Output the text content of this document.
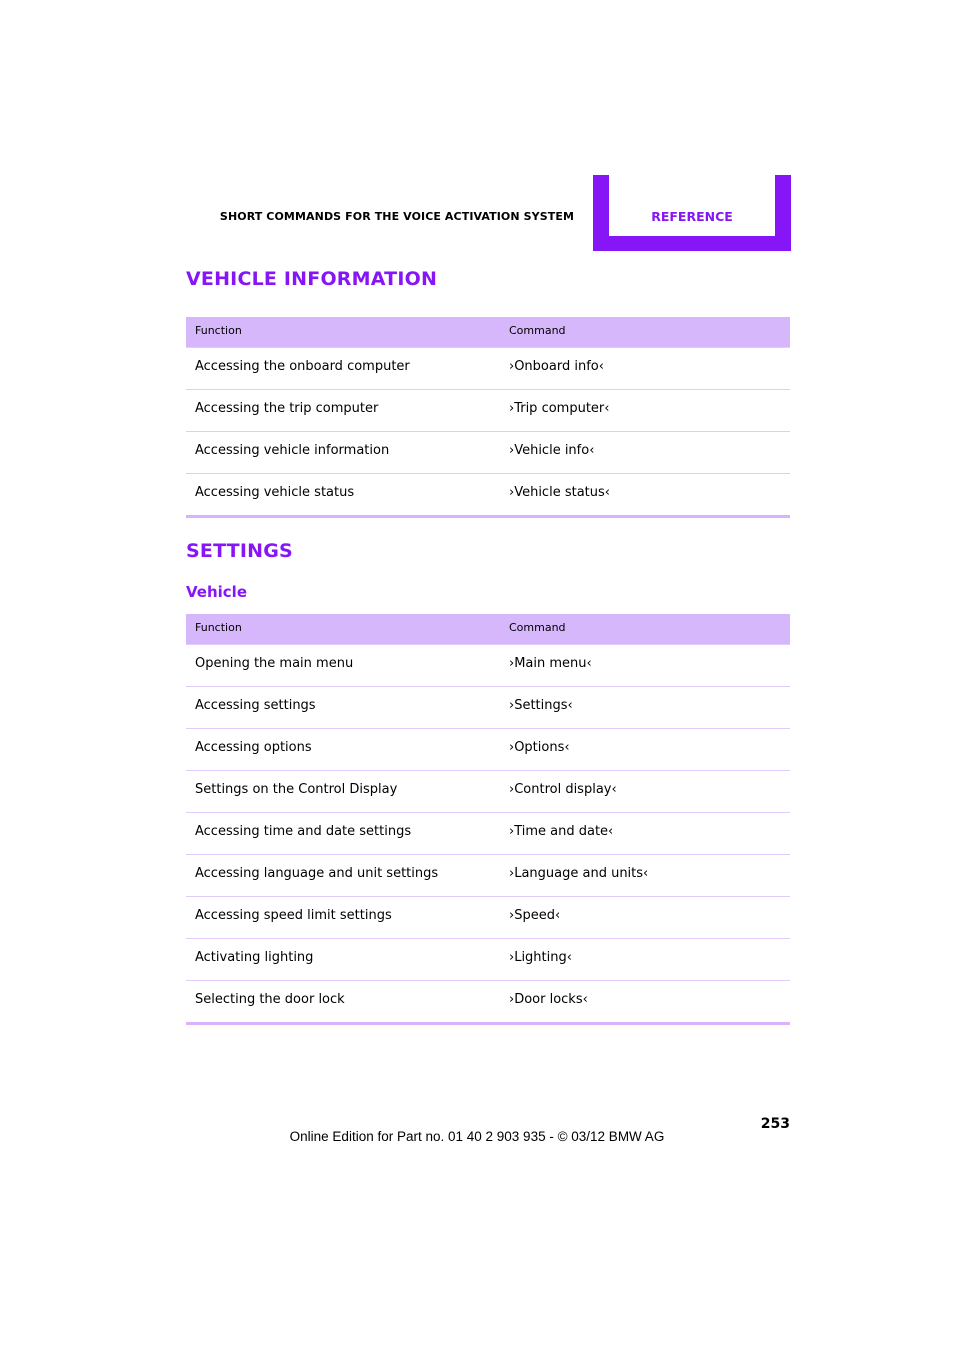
SHORT COMMANDS FOR THE VOICE ACTIVATION SYSTEM	REFERENCE
VEHICLE INFORMATION
Function	Command
Accessing the onboard computer	›Onboard info‹
Accessing the trip computer	›Trip computer‹
Accessing vehicle information	›Vehicle info‹
Accessing vehicle status	›Vehicle status‹
SETTINGS
Vehicle
Function	Command
Opening the main menu	›Main menu‹
Accessing settings	›Settings‹
Accessing options	›Options‹
Settings on the Control Display	›Control display‹
Accessing time and date settings	›Time and date‹
Accessing language and unit settings	›Language and units‹
Accessing speed limit settings	›Speed‹
Activating lighting	›Lighting‹
Selecting the door lock	›Door locks‹
253
Online Edition for Part no. 01 40 2 903 935 - © 03/12 BMW AG
